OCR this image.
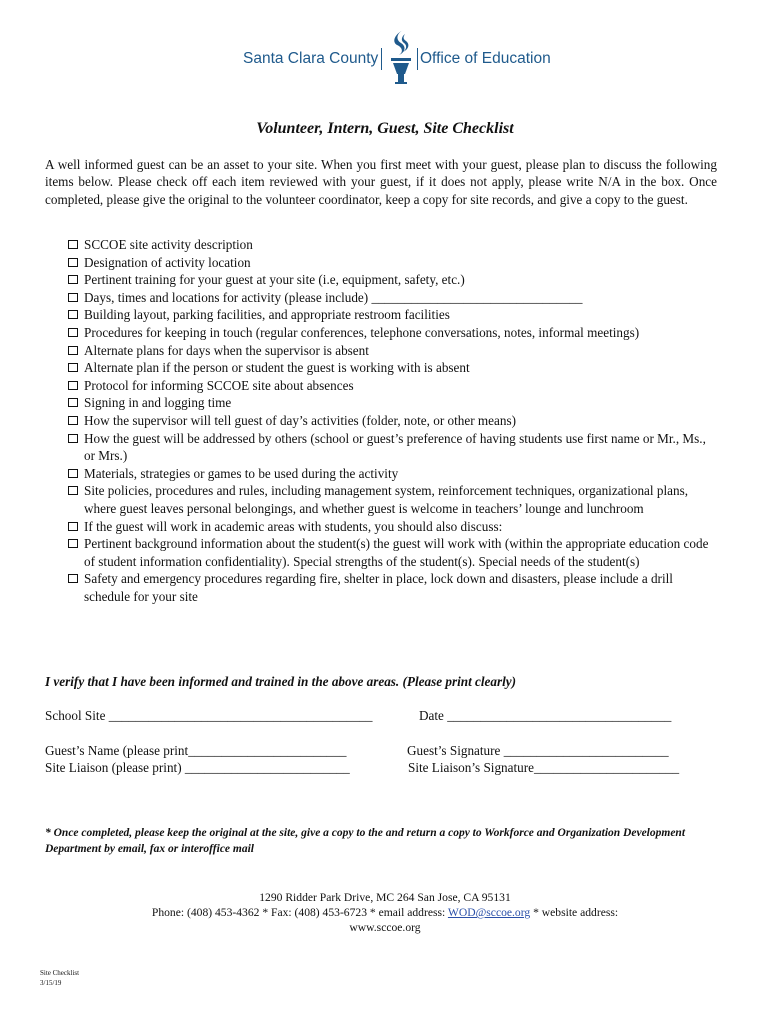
Santa Clara County	Office of Education
Volunteer, Intern, Guest, Site Checklist

A well informed guest can be an asset to your site. When you first meet with your guest, please plan to discuss the following items below. Please check off each item reviewed with your guest, if it does not apply, please write N/A in the box. Once completed, please give the original to the volunteer coordinator, keep a copy for site records, and give a copy to the guest.

SCCOE site activity description
Designation of activity location
Pertinent training for your guest at your site (i.e, equipment, safety, etc.)
Days, times and locations for activity (please include) ________________________________
Building layout, parking facilities, and appropriate restroom facilities
Procedures for keeping in touch (regular conferences, telephone conversations, notes, informal meetings)
Alternate plans for days when the supervisor is absent
Alternate plan if the person or student the guest is working with is absent
Protocol for informing SCCOE site about absences
Signing in and logging time
How the supervisor will tell guest of day’s activities (folder, note, or other means)
How the guest will be addressed by others (school or guest’s preference of having students use first name or Mr., Ms., or Mrs.)
Materials, strategies or games to be used during the activity
Site policies, procedures and rules, including management system, reinforcement techniques, organizational plans, where guest leaves personal belongings, and whether guest is welcome in teachers’ lounge and lunchroom
If the guest will work in academic areas with students, you should also discuss:
Pertinent background information about the student(s) the guest will work with (within the appropriate education code of student information confidentiality). Special strengths of the student(s). Special needs of the student(s)
Safety and emergency procedures regarding fire, shelter in place, lock down and disasters, please include a drill schedule for your site

I verify that I have been informed and trained in the above areas. (Please print clearly)

School Site ________________________________________	Date __________________________________
Guest’s Name (please print________________________	Guest’s Signature _________________________
Site Liaison (please print) _________________________	Site Liaison’s Signature______________________

* Once completed, please keep the original at the site, give a copy to the and return a copy to Workforce and Organization Development Department by email, fax or interoffice mail

1290 Ridder Park Drive, MC 264 San Jose, CA 95131
Phone: (408) 453-4362 * Fax: (408) 453-6723 * email address: WOD@sccoe.org * website address:
www.sccoe.org
Site Checklist
3/15/19
